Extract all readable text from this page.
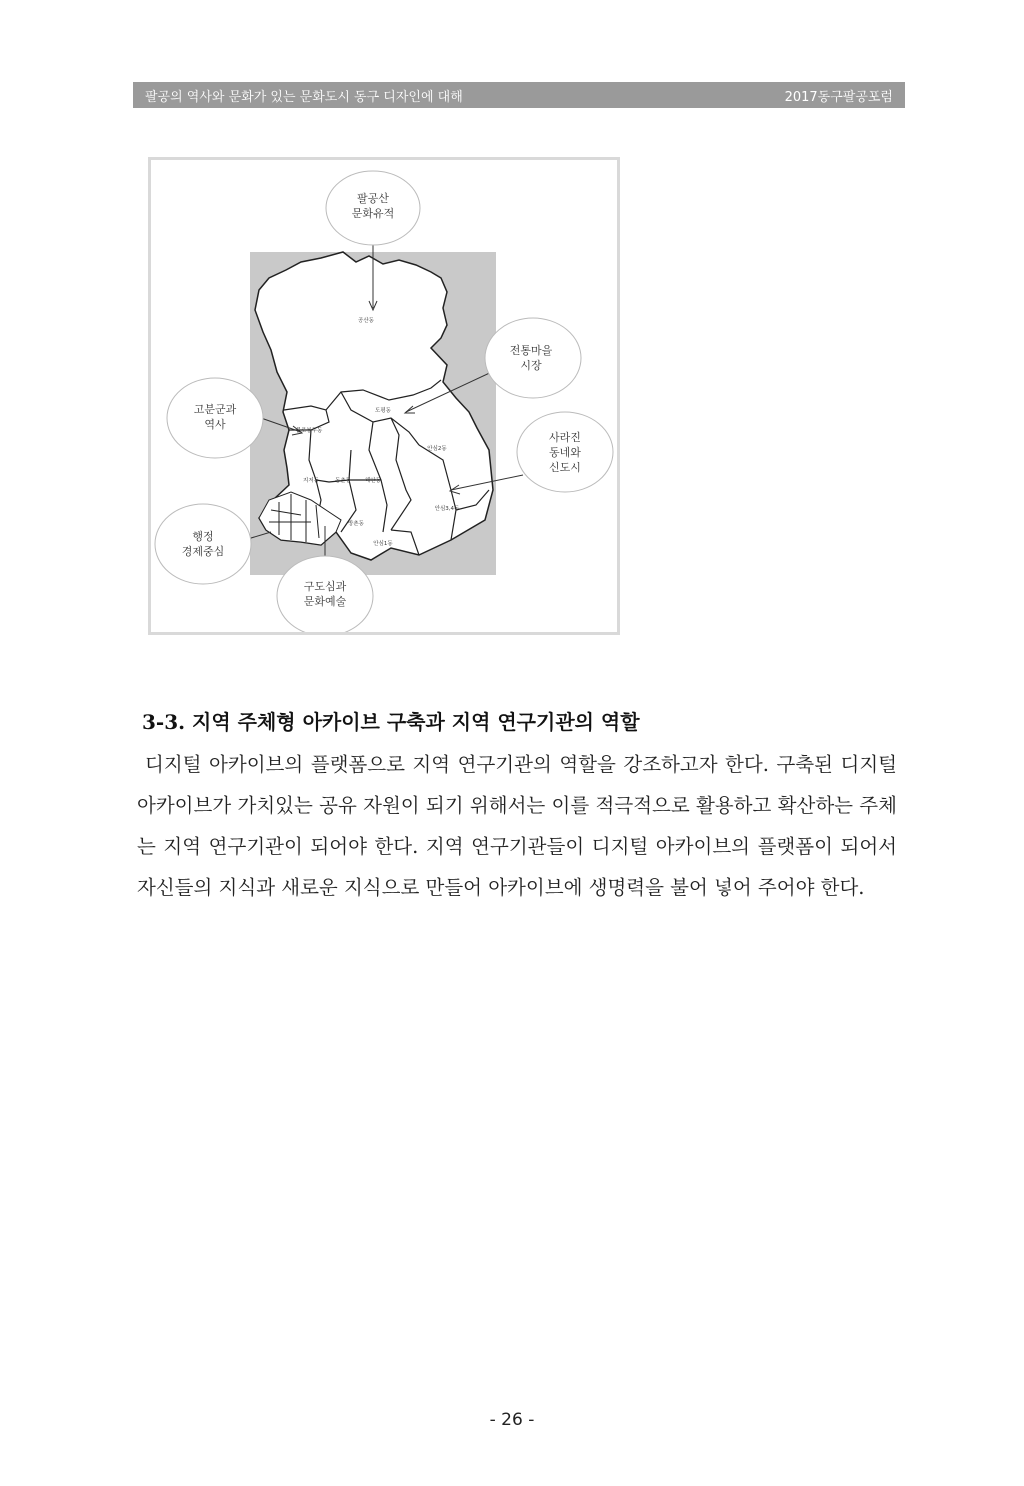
팔공의 역사와 문화가 있는 문화도시 동구 디자인에 대해	2017동구팔공포럼
팔공산
문화유적
전통마을
시장
고분군과
역사
사라진
동네와
신도시
행정
경제중심
구도심과
문화예술
공산동
도평동
불로봉무동
안심2동
지저동	동촌동	해안동
안심3,4동
방촌동
안심1동
3-3. 지역 주체형 아카이브 구축과 지역 연구기관의 역할
디지털 아카이브의 플랫폼으로 지역 연구기관의 역할을 강조하고자 한다. 구축된 디지털 아카이브가 가치있는 공유 자원이 되기 위해서는 이를 적극적으로 활용하고 확산하는 주체는 지역 연구기관이 되어야 한다. 지역 연구기관들이 디지털 아카이브의 플랫폼이 되어서 자신들의 지식과 새로운 지식으로 만들어 아카이브에 생명력을 불어 넣어 주어야 한다.
- 26 -
